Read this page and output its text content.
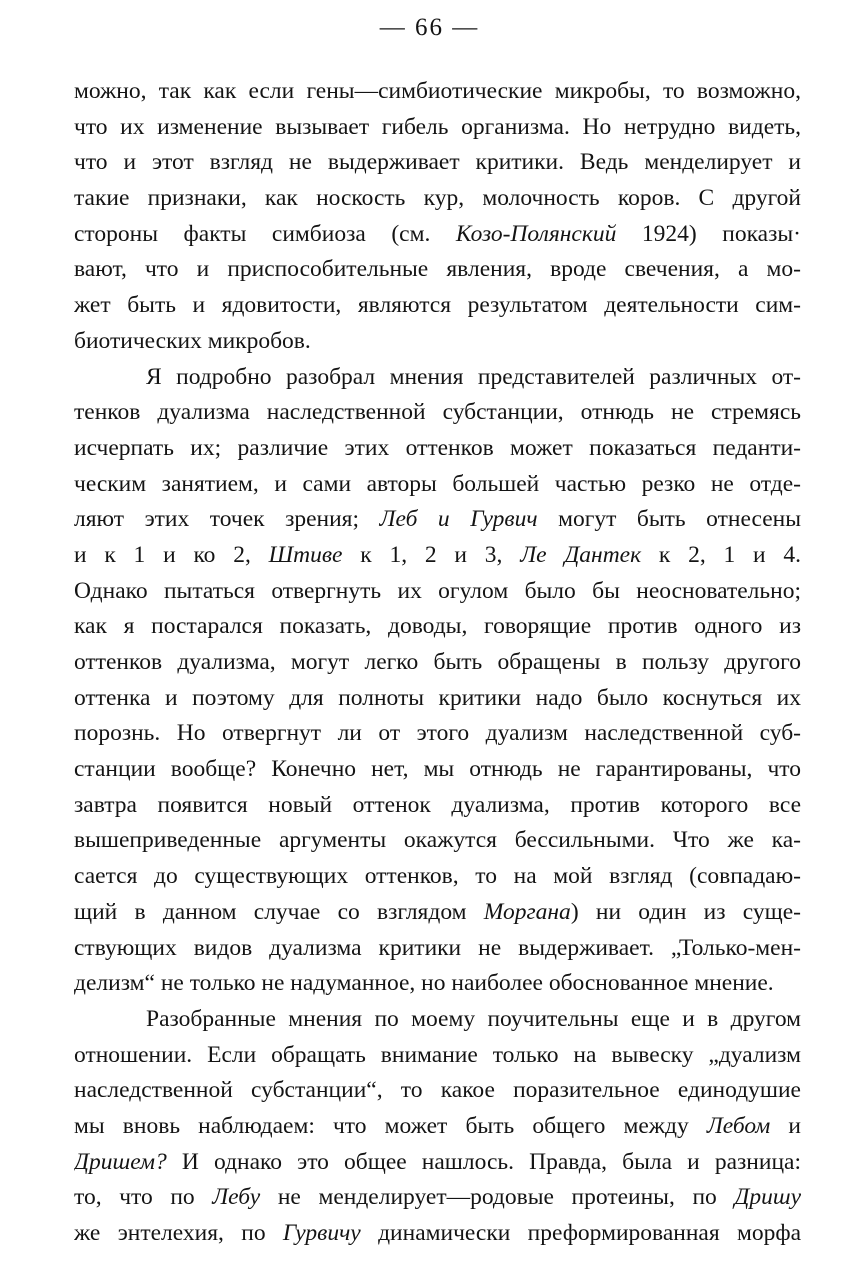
— 66 —
можно, так как если гены—симбиотические микробы, то возможно,
что их изменение вызывает гибель организма. Но нетрудно видеть,
что и этот взгляд не выдерживает критики. Ведь менделирует и
такие признаки, как носкость кур, молочность коров. С другой
стороны факты симбиоза (см. Козо-Полянский 1924) показы·
вают, что и приспособительные явления, вроде свечения, а мо-
жет быть и ядовитости, являются результатом деятельности сим-
биотических микробов.
Я подробно разобрал мнения представителей различных от-
тенков дуализма наследственной субстанции, отнюдь не стремясь
исчерпать их; различие этих оттенков может показаться педанти-
ческим занятием, и сами авторы большей частью резко не отде-
ляют этих точек зрения; Леб и Гурвич могут быть отнесены
и к 1 и ко 2, Штиве к 1, 2 и 3, Ле Дантек к 2, 1 и 4.
Однако пытаться отвергнуть их огулом было бы неосновательно;
как я постарался показать, доводы, говорящие против одного из
оттенков дуализма, могут легко быть обращены в пользу другого
оттенка и поэтому для полноты критики надо было коснуться их
порознь. Но отвергнут ли от этого дуализм наследственной суб-
станции вообще? Конечно нет, мы отнюдь не гарантированы, что
завтра появится новый оттенок дуализма, против которого все
вышеприведенные аргументы окажутся бессильными. Что же ка-
сается до существующих оттенков, то на мой взгляд (совпадаю-
щий в данном случае со взглядом Моргана) ни один из суще-
ствующих видов дуализма критики не выдерживает. „Только-мен-
делизм“ не только не надуманное, но наиболее обоснованное мнение.
Разобранные мнения по моему поучительны еще и в другом
отношении. Если обращать внимание только на вывеску „дуализм
наследственной субстанции“, то какое поразительное единодушие
мы вновь наблюдаем: что может быть общего между Лебом и
Дришем? И однако это общее нашлось. Правда, была и разница:
то, что по Лебу не менделирует—родовые протеины, по Дришу
же энтелехия, по Гурвичу динамически преформированная морфа
